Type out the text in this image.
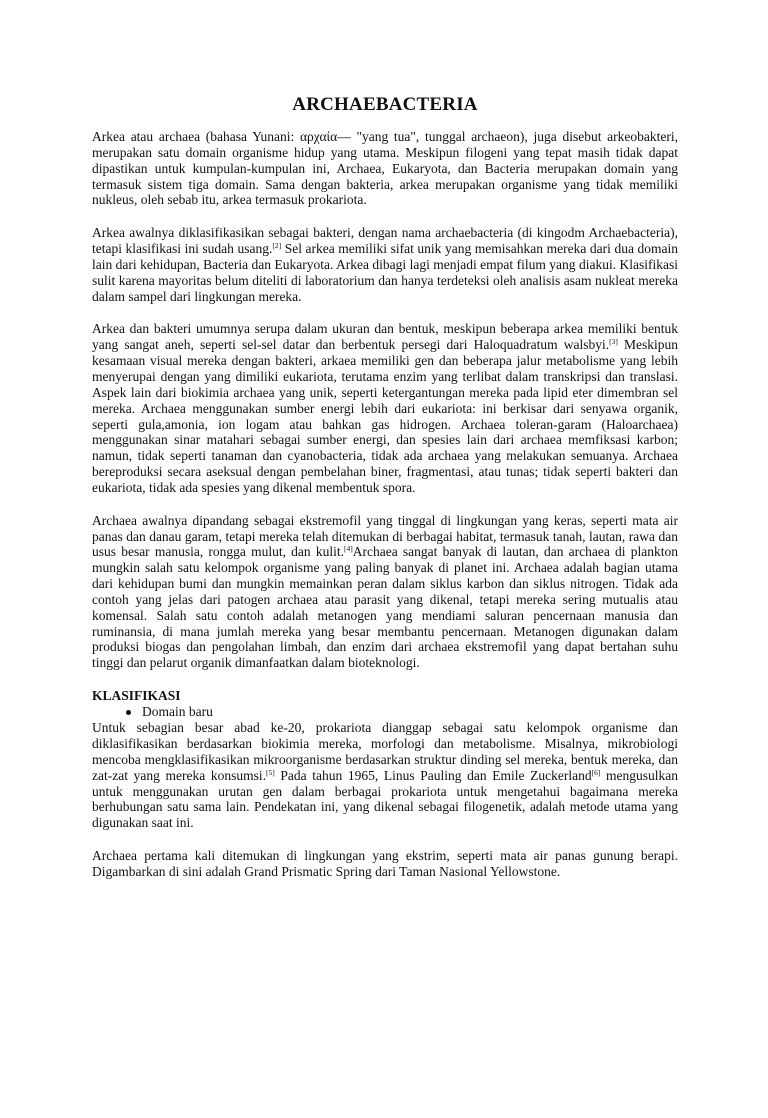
ARCHAEBACTERIA

Arkea atau archaea (bahasa Yunani: αρχαία— "yang tua", tunggal archaeon), juga disebut arkeobakteri, merupakan satu domain organisme hidup yang utama. Meskipun filogeni yang tepat masih tidak dapat dipastikan untuk kumpulan-kumpulan ini, Archaea, Eukaryota, dan Bacteria merupakan domain yang termasuk sistem tiga domain. Sama dengan bakteria, arkea merupakan organisme yang tidak memiliki nukleus, oleh sebab itu, arkea termasuk prokariota.

Arkea awalnya diklasifikasikan sebagai bakteri, dengan nama archaebacteria (di kingodm Archaebacteria), tetapi klasifikasi ini sudah usang.[2] Sel arkea memiliki sifat unik yang memisahkan mereka dari dua domain lain dari kehidupan, Bacteria dan Eukaryota. Arkea dibagi lagi menjadi empat filum yang diakui. Klasifikasi sulit karena mayoritas belum diteliti di laboratorium dan hanya terdeteksi oleh analisis asam nukleat mereka dalam sampel dari lingkungan mereka.

Arkea dan bakteri umumnya serupa dalam ukuran dan bentuk, meskipun beberapa arkea memiliki bentuk yang sangat aneh, seperti sel-sel datar dan berbentuk persegi dari Haloquadratum walsbyi.[3] Meskipun kesamaan visual mereka dengan bakteri, arkaea memiliki gen dan beberapa jalur metabolisme yang lebih menyerupai dengan yang dimiliki eukariota, terutama enzim yang terlibat dalam transkripsi dan translasi. Aspek lain dari biokimia archaea yang unik, seperti ketergantungan mereka pada lipid eter dimembran sel mereka. Archaea menggunakan sumber energi lebih dari eukariota: ini berkisar dari senyawa organik, seperti gula,amonia, ion logam atau bahkan gas hidrogen. Archaea toleran-garam (Haloarchaea) menggunakan sinar matahari sebagai sumber energi, dan spesies lain dari archaea memfiksasi karbon; namun, tidak seperti tanaman dan cyanobacteria, tidak ada archaea yang melakukan semuanya. Archaea bereproduksi secara aseksual dengan pembelahan biner, fragmentasi, atau tunas; tidak seperti bakteri dan eukariota, tidak ada spesies yang dikenal membentuk spora.

Archaea awalnya dipandang sebagai ekstremofil yang tinggal di lingkungan yang keras, seperti mata air panas dan danau garam, tetapi mereka telah ditemukan di berbagai habitat, termasuk tanah, lautan, rawa dan usus besar manusia, rongga mulut, dan kulit.[4]Archaea sangat banyak di lautan, dan archaea di plankton mungkin salah satu kelompok organisme yang paling banyak di planet ini. Archaea adalah bagian utama dari kehidupan bumi dan mungkin memainkan peran dalam siklus karbon dan siklus nitrogen. Tidak ada contoh yang jelas dari patogen archaea atau parasit yang dikenal, tetapi mereka sering mutualis atau komensal. Salah satu contoh adalah metanogen yang mendiami saluran pencernaan manusia dan ruminansia, di mana jumlah mereka yang besar membantu pencernaan. Metanogen digunakan dalam produksi biogas dan pengolahan limbah, dan enzim dari archaea ekstremofil yang dapat bertahan suhu tinggi dan pelarut organik dimanfaatkan dalam bioteknologi.

KLASIFIKASI
Domain baru

Untuk sebagian besar abad ke-20, prokariota dianggap sebagai satu kelompok organisme dan diklasifikasikan berdasarkan biokimia mereka, morfologi dan metabolisme. Misalnya, mikrobiologi mencoba mengklasifikasikan mikroorganisme berdasarkan struktur dinding sel mereka, bentuk mereka, dan zat-zat yang mereka konsumsi.[5] Pada tahun 1965, Linus Pauling dan Emile Zuckerland[6] mengusulkan untuk menggunakan urutan gen dalam berbagai prokariota untuk mengetahui bagaimana mereka berhubungan satu sama lain. Pendekatan ini, yang dikenal sebagai filogenetik, adalah metode utama yang digunakan saat ini.

Archaea pertama kali ditemukan di lingkungan yang ekstrim, seperti mata air panas gunung berapi. Digambarkan di sini adalah Grand Prismatic Spring dari Taman Nasional Yellowstone.
